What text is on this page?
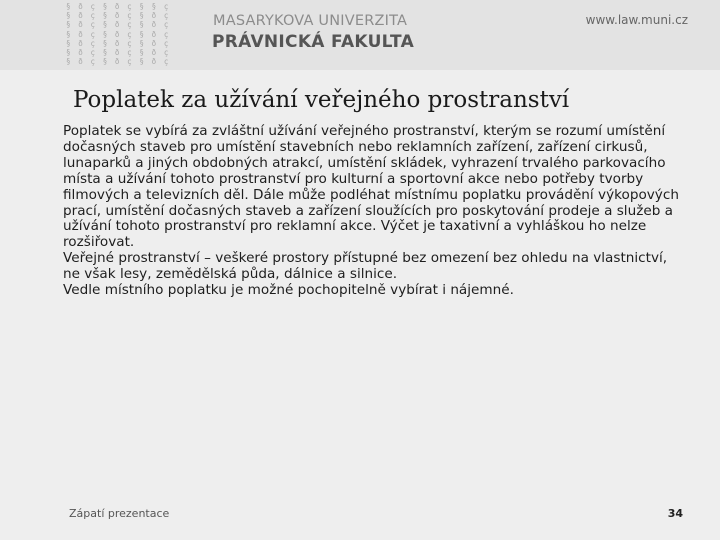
§ ð ç § ð ç § § ç
§ ð ç § ð ç § ð ç
§ ð ç § ð ç § ð ç
§ ð ç § ð ç § ð ç
§ ð ç § ð ç § ð ç
§ ð ç § ð ç § ð ç
§ ð ç § ð ç § ð ç
MASARYKOVA UNIVERZITA
PRÁVNICKÁ FAKULTA
www.law.muni.cz
Poplatek za užívání veřejného prostranství

Poplatek se vybírá za zvláštní užívání veřejného prostranství, kterým se rozumí umístění dočasných staveb pro umístění stavebních nebo reklamních zařízení, zařízení cirkusů, lunaparků a jiných obdobných atrakcí, umístění skládek, vyhrazení trvalého parkovacího místa a užívání tohoto prostranství pro kulturní a sportovní akce nebo potřeby tvorby filmových a televizních děl. Dále může podléhat místnímu poplatku provádění výkopových prací, umístění dočasných staveb a zařízení sloužících pro poskytování prodeje a služeb a užívání tohoto prostranství pro reklamní akce. Výčet je taxativní a vyhláškou ho nelze rozšiřovat.

Veřejné prostranství – veškeré prostory přístupné bez omezení bez ohledu na vlastnictví, ne však lesy, zemědělská půda, dálnice a silnice.

Vedle místního poplatku je možné pochopitelně vybírat i nájemné.

Zápatí prezentace	34
